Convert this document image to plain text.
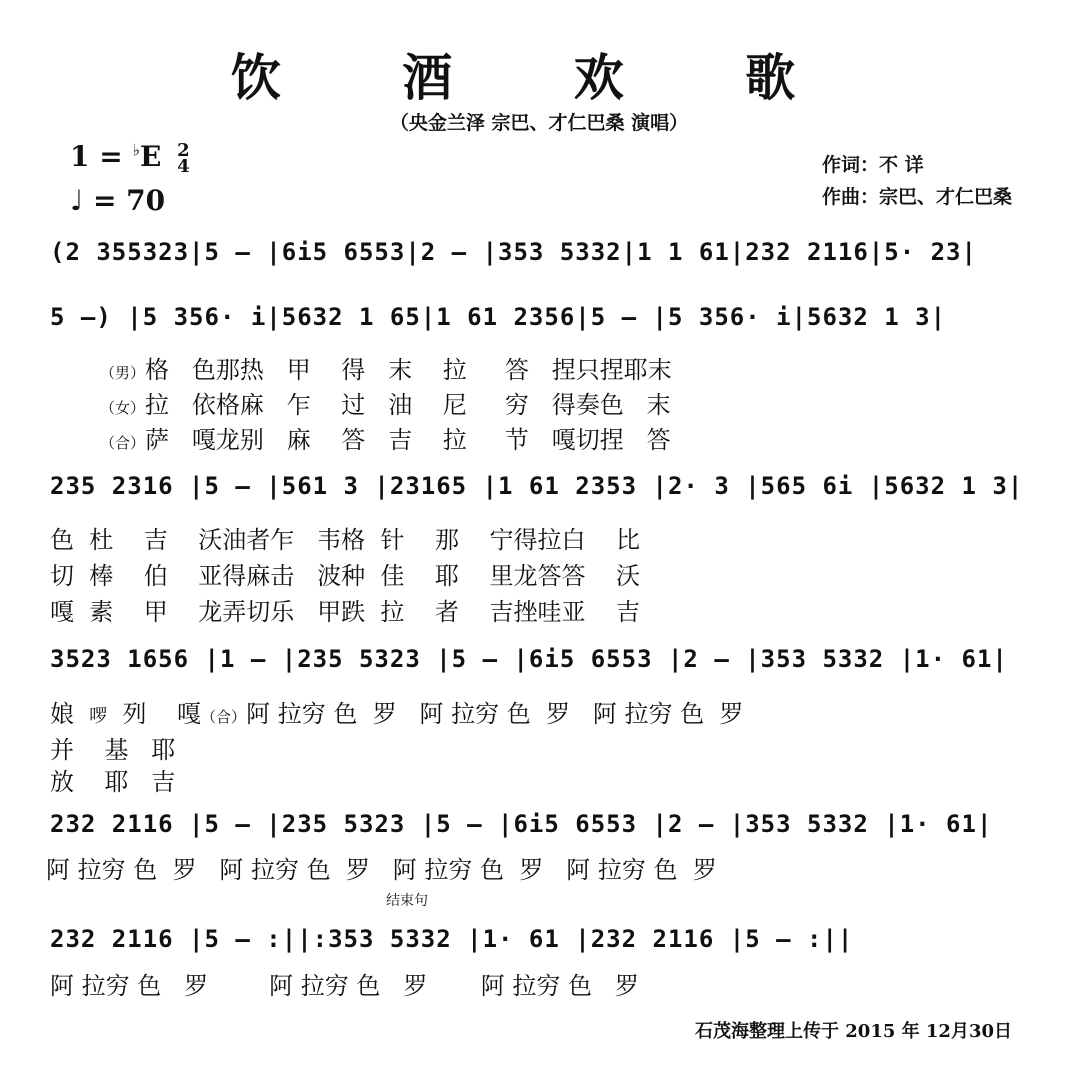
饮 酒 欢 歌
（央金兰泽 宗巴、才仁巴桑 演唱）
1 = ♭E 2
4
♩ = 70
作词：不 详
作曲：宗巴、才仁巴桑
(2 355323|5 – |6i5 6553|2 – |353 5332|1 1 61|232 2116|5· 23|
5 –) |5 356· i|5632 1 65|1 61 2356|5 – |5 356· i|5632 1 3|
（男）格   色那热   甲    得   末    拉     答   捏只捏耶末
（女）拉   依格麻   乍    过   油    尼     穷   得奏色   末
（合）萨   嘎龙别   麻    答   吉    拉     节   嘎切捏   答
235 2316 |5 – |561 3 |23165 |1 61 2353 |2· 3 |565 6i |5632 1 3|
色  杜    吉    沃油者乍   韦格  针    那    宁得拉白    比
切  棒    伯    亚得麻击   波种  佳    耶    里龙答答    沃
嘎  素    甲    龙弄切乐   甲跌  拉    者    吉挫哇亚    吉
3523 1656 |1 – |235 5323 |5 – |6i5 6553 |2 – |353 5332 |1· 61|
娘 啰 列    嘎（合）阿 拉穷 色  罗   阿 拉穷 色  罗   阿 拉穷 色  罗
并    基   耶
放    耶   吉
232 2116 |5 – |235 5323 |5 – |6i5 6553 |2 – |353 5332 |1· 61|
阿 拉穷 色  罗   阿 拉穷 色  罗   阿 拉穷 色  罗   阿 拉穷 色  罗
结束句
232 2116 |5 – :||:353 5332 |1· 61 |232 2116 |5 – :||
阿 拉穷 色   罗        阿 拉穷 色   罗       阿 拉穷 色   罗
石茂海整理上传于 2015 年 12月30日
